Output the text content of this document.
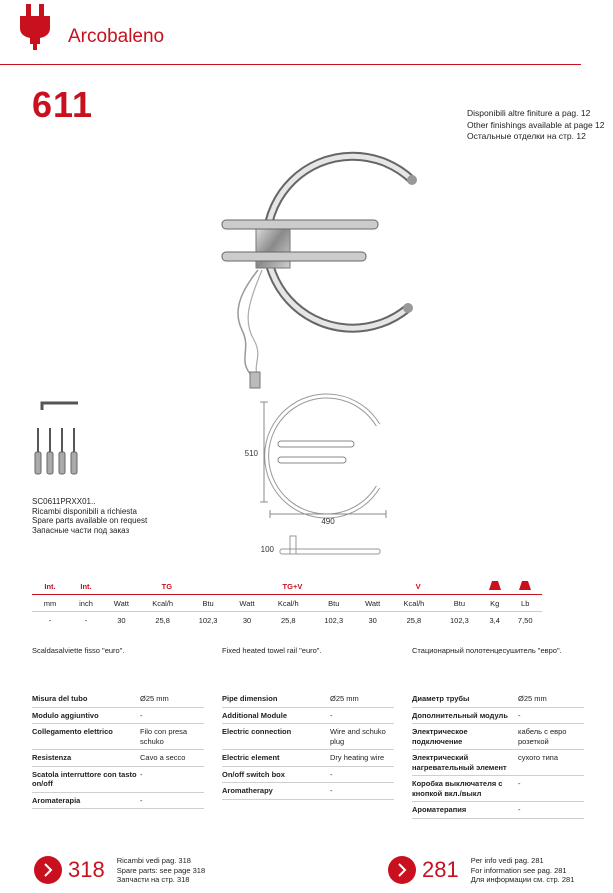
Arcobaleno
611	Disponibili altre finiture a pag. 12
Other finishings available at page 12
Остальные отделки на стр. 12
SC0611PRXX01..
Ricambi disponibili a richiesta
Spare parts available on request
Запасные части под заказ
510
490
100
Int.	Int.	TG			TG+V			V		
mm	inch	Watt	Kcal/h	Btu	Watt	Kcal/h	Btu	Watt	Kcal/h	Btu	Kg	Lb
-	-	30	25,8	102,3	30	25,8	102,3	30	25,8	102,3	3,4	7,50
Scaldasalviette fisso "euro".	Fixed heated towel rail "euro".	Стационарный полотенцесушитель "евро".
Misura del tubo	Ø25 mm
Modulo aggiuntivo	-
Collegamento elettrico	Filo con presa schuko
Resistenza	Cavo a secco
Scatola interruttore con tasto on/off	-
Aromaterapia	-
Pipe dimension	Ø25 mm
Additional Module	-
Electric connection	Wire and schuko plug
Electric element	Dry heating wire
On/off switch box	-
Aromatherapy	-
Диаметр трубы	Ø25 mm
Дополнительный модуль	-
Электрическое подключение	кабель с евро розеткой
Электрический нагревательный элемент	сухого типа
Коробка выключателя с кнопкой вкл./выкл	-
Ароматерапия	-
318 Ricambi vedi pag. 318
Spare parts: see page 318
Запчасти на стр. 318	281 Per info vedi pag. 281
For information see pag. 281
Для информации см. стр. 281
